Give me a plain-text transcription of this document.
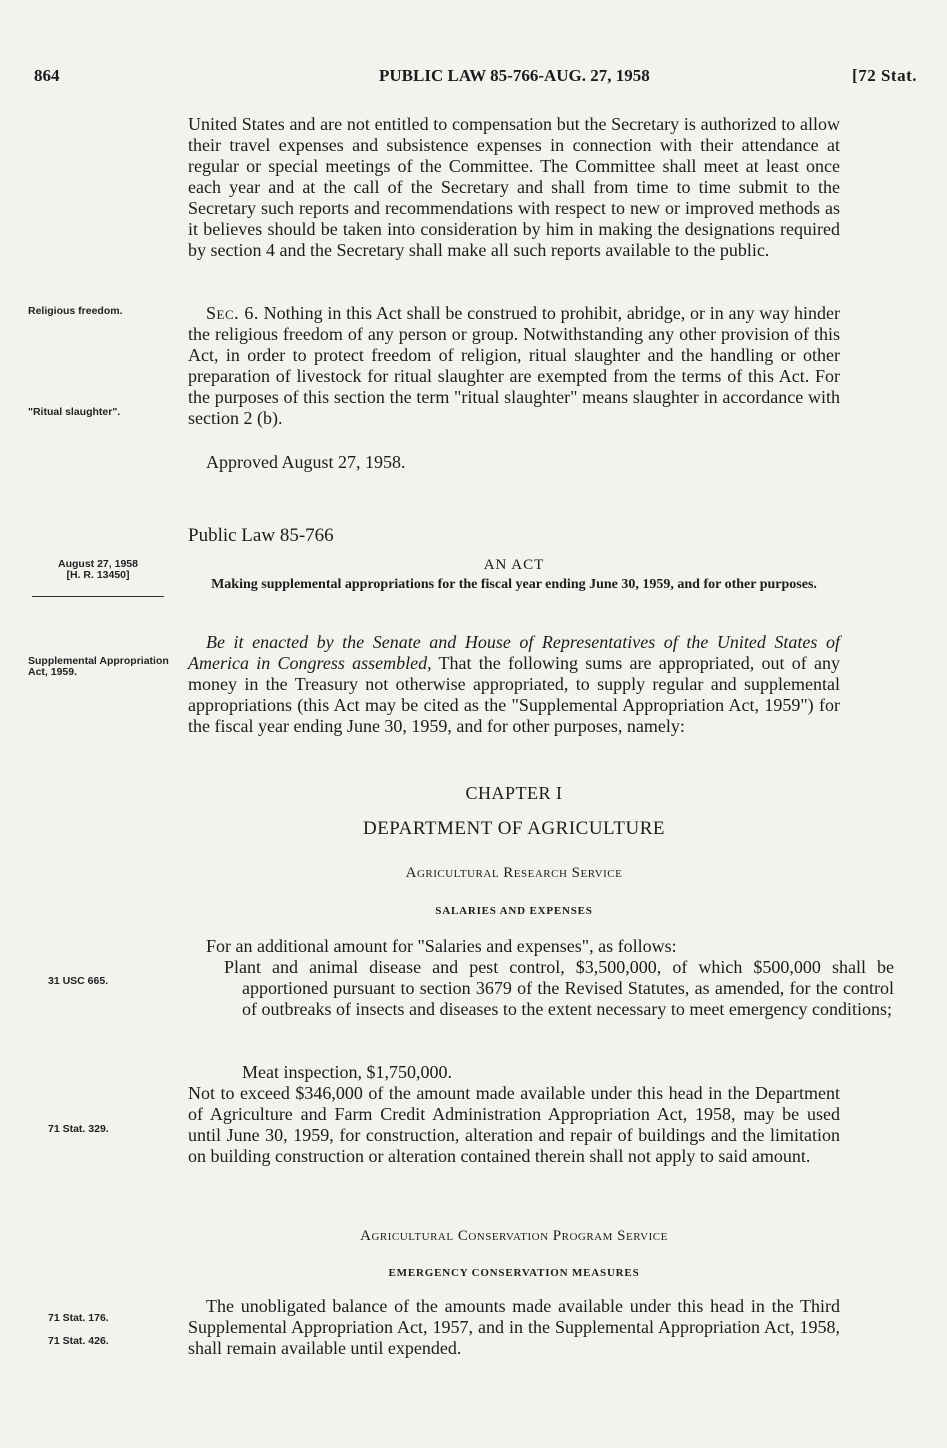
864	PUBLIC LAW 85-766-AUG. 27, 1958	[72 Stat.
Religious freedom.
"Ritual slaughter".
August 27, 1958
[H. R. 13450]
Supplemental Appropriation Act, 1959.
31 USC 665.
71 Stat. 329.
71 Stat. 176.
71 Stat. 426.

United States and are not entitled to compensation but the Secretary is authorized to allow their travel expenses and subsistence expenses in connection with their attendance at regular or special meetings of the Committee. The Committee shall meet at least once each year and at the call of the Secretary and shall from time to time submit to the Secretary such reports and recommendations with respect to new or improved methods as it believes should be taken into consideration by him in making the designations required by section 4 and the Secretary shall make all such reports available to the public.

Sec. 6. Nothing in this Act shall be construed to prohibit, abridge, or in any way hinder the religious freedom of any person or group. Notwithstanding any other provision of this Act, in order to protect freedom of religion, ritual slaughter and the handling or other preparation of livestock for ritual slaughter are exempted from the terms of this Act. For the purposes of this section the term "ritual slaughter" means slaughter in accordance with section 2 (b).

Approved August 27, 1958.

Public Law 85-766
AN ACT
Making supplemental appropriations for the fiscal year ending June 30, 1959, and for other purposes.

Be it enacted by the Senate and House of Representatives of the United States of America in Congress assembled, That the following sums are appropriated, out of any money in the Treasury not otherwise appropriated, to supply regular and supplemental appropriations (this Act may be cited as the "Supplemental Appropriation Act, 1959") for the fiscal year ending June 30, 1959, and for other purposes, namely:

CHAPTER I
DEPARTMENT OF AGRICULTURE
Agricultural Research Service
SALARIES AND EXPENSES

For an additional amount for "Salaries and expenses", as follows:

Plant and animal disease and pest control, $3,500,000, of which $500,000 shall be apportioned pursuant to section 3679 of the Revised Statutes, as amended, for the control of outbreaks of insects and diseases to the extent necessary to meet emergency conditions;

Meat inspection, $1,750,000.

Not to exceed $346,000 of the amount made available under this head in the Department of Agriculture and Farm Credit Administration Appropriation Act, 1958, may be used until June 30, 1959, for construction, alteration and repair of buildings and the limitation on building construction or alteration contained therein shall not apply to said amount.

Agricultural Conservation Program Service
EMERGENCY CONSERVATION MEASURES

The unobligated balance of the amounts made available under this head in the Third Supplemental Appropriation Act, 1957, and in the Supplemental Appropriation Act, 1958, shall remain available until expended.
